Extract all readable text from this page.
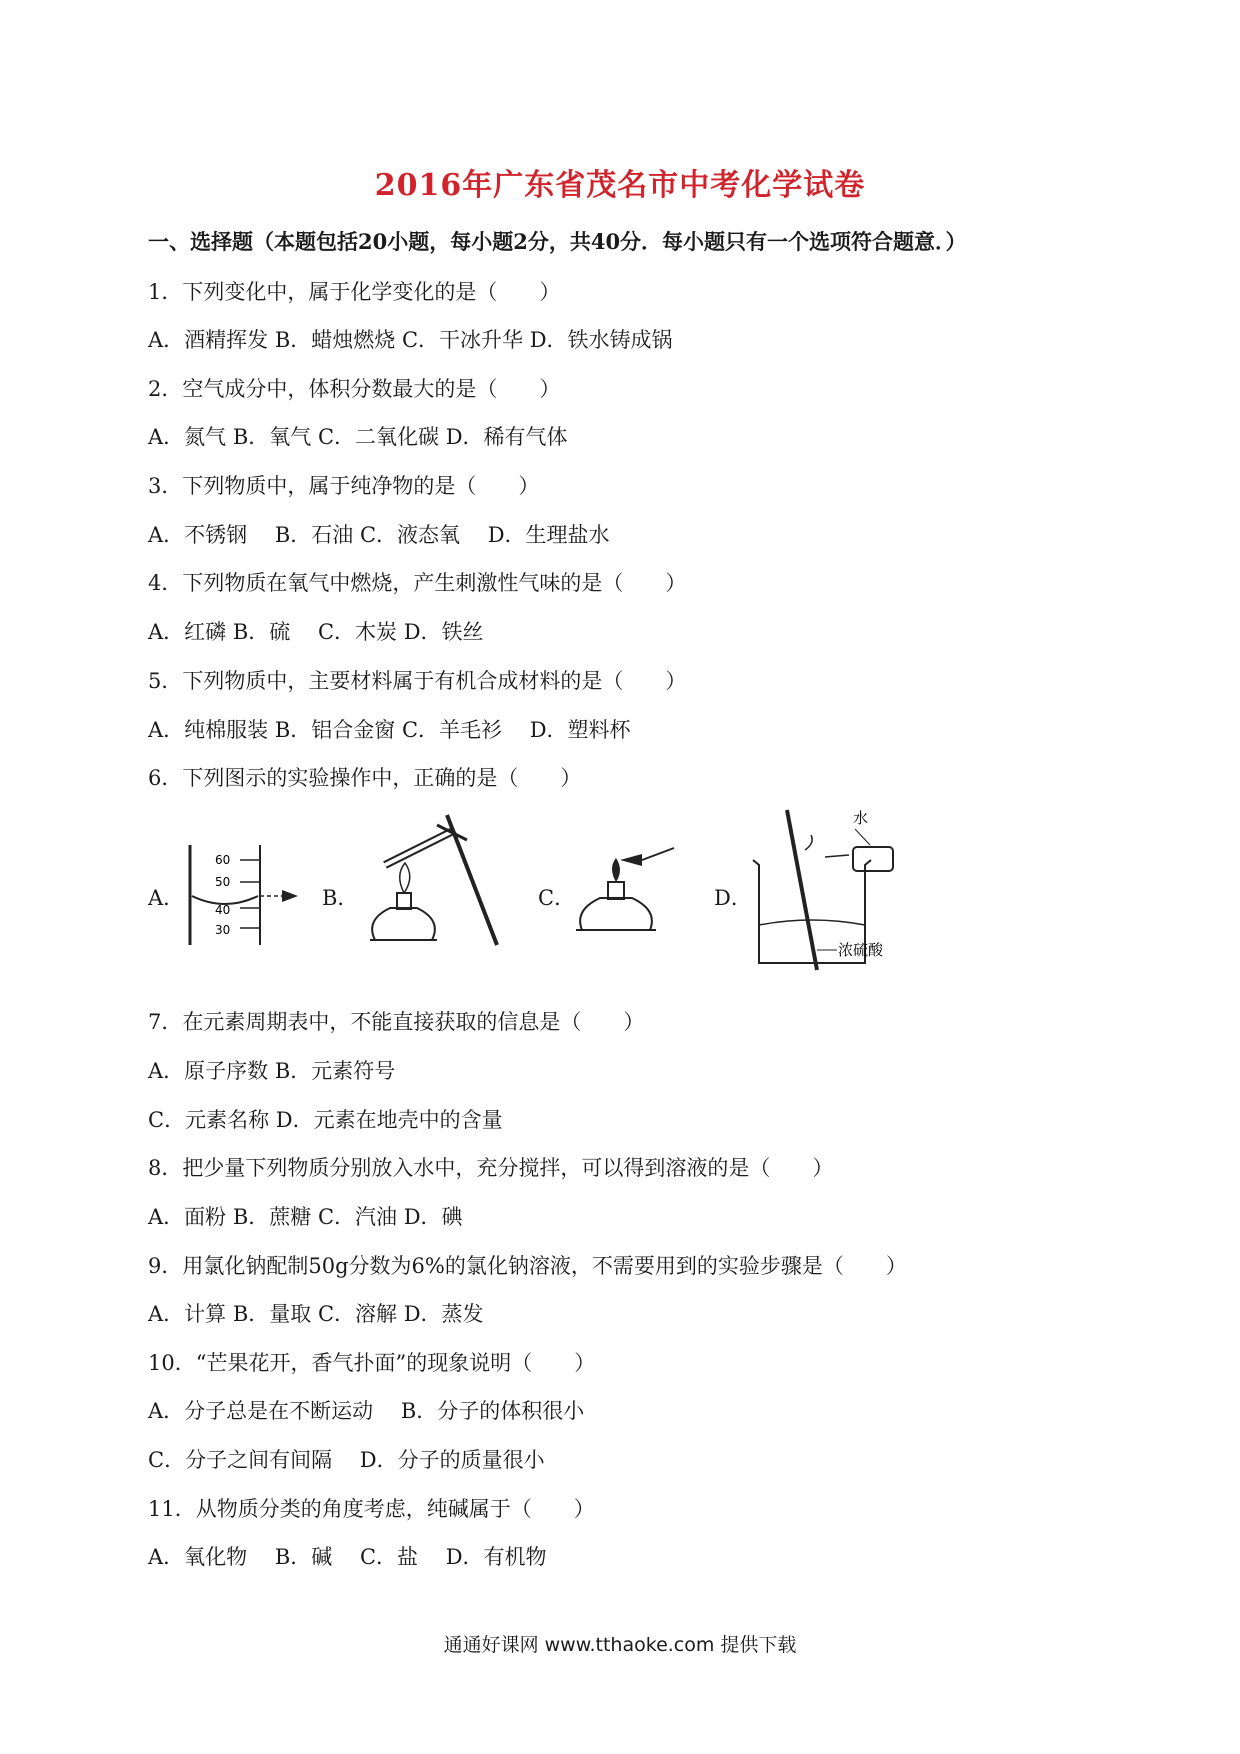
2016年广东省茂名市中考化学试卷
一、选择题（本题包括20小题，每小题2分，共40分．每小题只有一个选项符合题意．）
1．下列变化中，属于化学变化的是（　　）
A．酒精挥发 B．蜡烛燃烧 C．干冰升华 D．铁水铸成锅
2．空气成分中，体积分数最大的是（　　）
A．氮气 B．氧气 C．二氧化碳 D．稀有气体
3．下列物质中，属于纯净物的是（　　）
A．不锈钢　 B．石油 C．液态氧　 D．生理盐水
4．下列物质在氧气中燃烧，产生刺激性气味的是（　　）
A．红磷 B．硫　 C．木炭 D．铁丝
5．下列物质中，主要材料属于有机合成材料的是（　　）
A．纯棉服装 B．铝合金窗 C．羊毛衫　 D．塑料杯
6．下列图示的实验操作中，正确的是（　　）
A．
60
50
40
30
B．	C．	D．
水
浓硫酸
7．在元素周期表中，不能直接获取的信息是（　　）
A．原子序数 B．元素符号
C．元素名称 D．元素在地壳中的含量
8．把少量下列物质分别放入水中，充分搅拌，可以得到溶液的是（　　）
A．面粉 B．蔗糖 C．汽油 D．碘
9．用氯化钠配制50g分数为6%的氯化钠溶液，不需要用到的实验步骤是（　　）
A．计算 B．量取 C．溶解 D．蒸发
10．“芒果花开，香气扑面”的现象说明（　　）
A．分子总是在不断运动　 B．分子的体积很小
C．分子之间有间隔　 D．分子的质量很小
11．从物质分类的角度考虑，纯碱属于（　　）
A．氧化物　 B．碱　 C．盐　 D．有机物
通通好课网 www.tthaoke.com 提供下载
